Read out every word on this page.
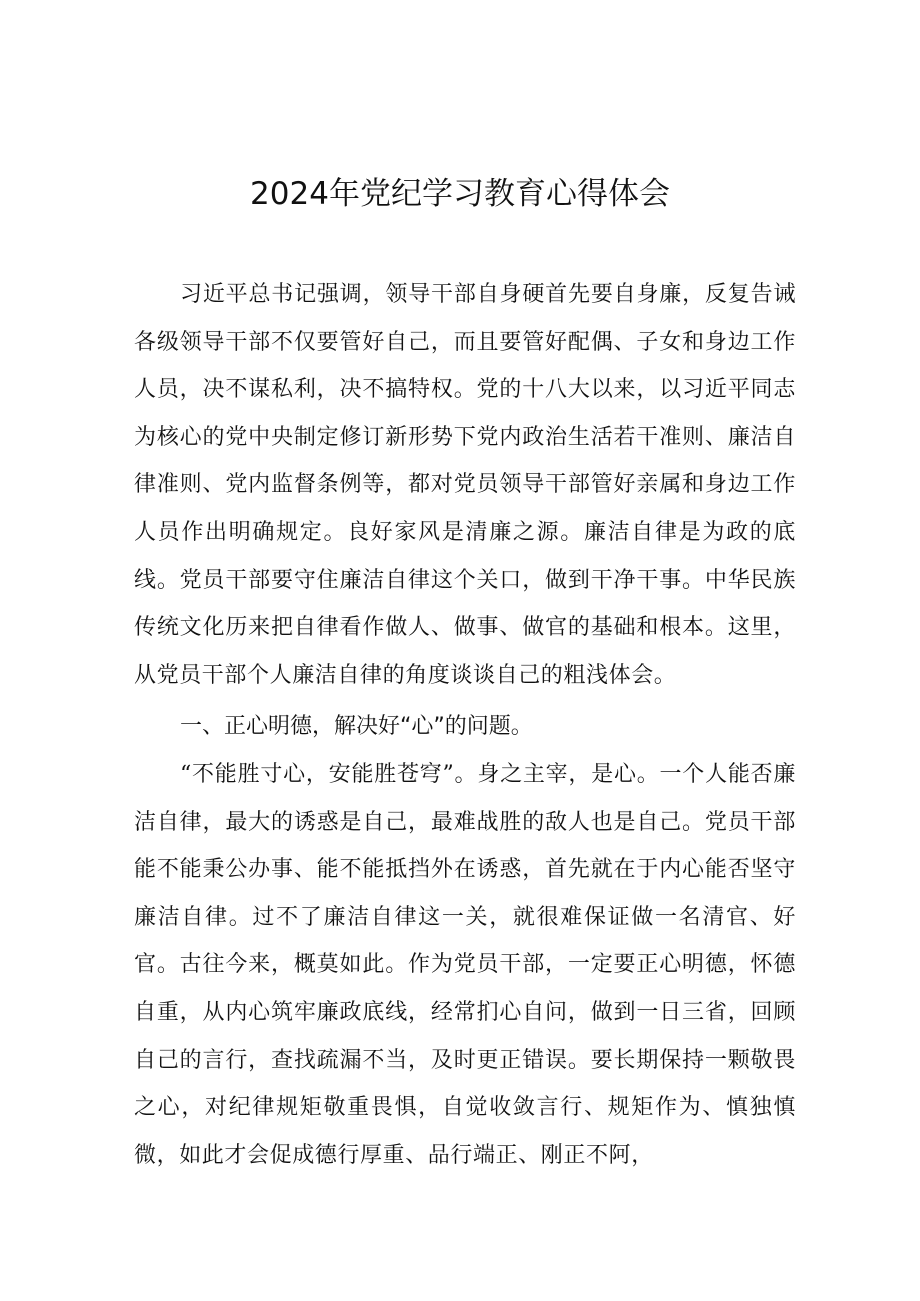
2024年党纪学习教育心得体会

习近平总书记强调，领导干部自身硬首先要自身廉，反复告诫各级领导干部不仅要管好自己，而且要管好配偶、子女和身边工作人员，决不谋私利，决不搞特权。党的十八大以来，以习近平同志为核心的党中央制定修订新形势下党内政治生活若干准则、廉洁自律准则、党内监督条例等，都对党员领导干部管好亲属和身边工作人员作出明确规定。良好家风是清廉之源。廉洁自律是为政的底线。党员干部要守住廉洁自律这个关口，做到干净干事。中华民族传统文化历来把自律看作做人、做事、做官的基础和根本。这里，从党员干部个人廉洁自律的角度谈谈自己的粗浅体会。

一、正心明德，解决好“心”的问题。

“不能胜寸心，安能胜苍穹”。身之主宰，是心。一个人能否廉洁自律，最大的诱惑是自己，最难战胜的敌人也是自己。党员干部能不能秉公办事、能不能抵挡外在诱惑，首先就在于内心能否坚守廉洁自律。过不了廉洁自律这一关，就很难保证做一名清官、好官。古往今来，概莫如此。作为党员干部，一定要正心明德，怀德自重，从内心筑牢廉政底线，经常扪心自问，做到一日三省，回顾自己的言行，查找疏漏不当，及时更正错误。要长期保持一颗敬畏之心，对纪律规矩敬重畏惧，自觉收敛言行、规矩作为、慎独慎微，如此才会促成德行厚重、品行端正、刚正不阿，
